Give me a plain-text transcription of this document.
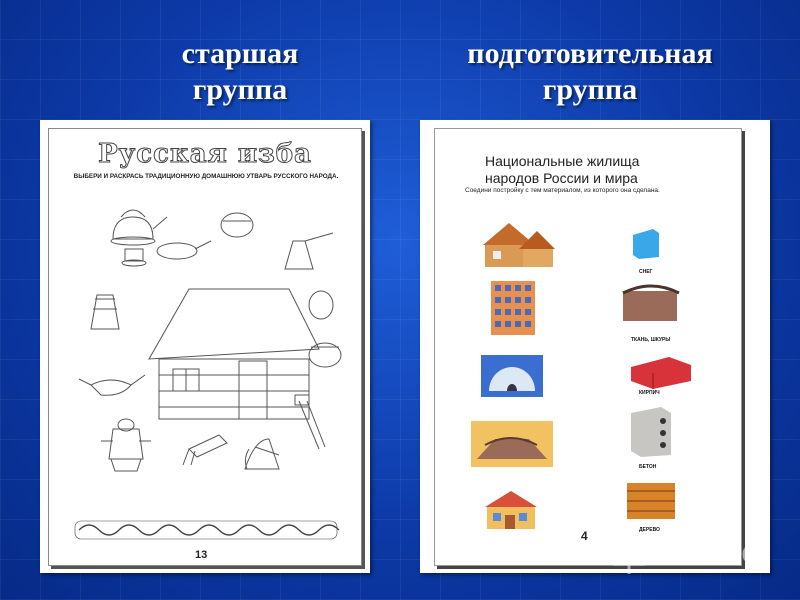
старшая
группа
подготовительная
группа
Русская изба
ВЫБЕРИ И РАСКРАСЬ ТРАДИЦИОННУЮ ДОМАШНЮЮ УТВАРЬ РУССКОГО НАРОДА.
13
Национальные жилища
народов России и мира
Соедини постройку с тем материалом, из которого она сделана.
СНЕГ
ТКАНЬ, ШКУРЫ
КИРПИЧ
БЕТОН
ДЕРЕВО
4 Shared
